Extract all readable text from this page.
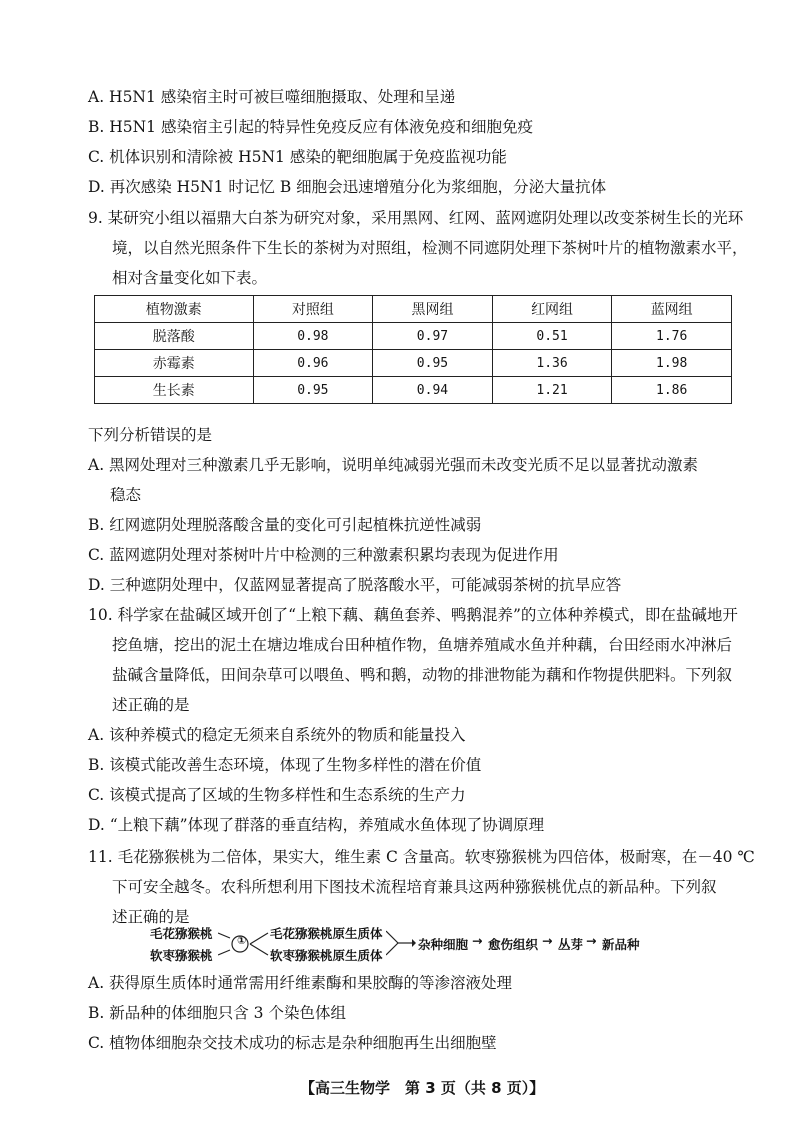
A. H5N1 感染宿主时可被巨噬细胞摄取、处理和呈递
B. H5N1 感染宿主引起的特异性免疫反应有体液免疫和细胞免疫
C. 机体识别和清除被 H5N1 感染的靶细胞属于免疫监视功能
D. 再次感染 H5N1 时记忆 B 细胞会迅速增殖分化为浆细胞，分泌大量抗体
9. 某研究小组以福鼎大白茶为研究对象，采用黑网、红网、蓝网遮阴处理以改变茶树生长的光环
境，以自然光照条件下生长的茶树为对照组，检测不同遮阴处理下茶树叶片的植物激素水平，
相对含量变化如下表。
植物激素	对照组	黑网组	红网组	蓝网组
脱落酸	0.98	0.97	0.51	1.76
赤霉素	0.96	0.95	1.36	1.98
生长素	0.95	0.94	1.21	1.86
下列分析错误的是
A. 黑网处理对三种激素几乎无影响，说明单纯减弱光强而未改变光质不足以显著扰动激素
稳态
B. 红网遮阴处理脱落酸含量的变化可引起植株抗逆性减弱
C. 蓝网遮阴处理对茶树叶片中检测的三种激素积累均表现为促进作用
D. 三种遮阴处理中，仅蓝网显著提高了脱落酸水平，可能减弱茶树的抗旱应答
10. 科学家在盐碱区域开创了“上粮下藕、藕鱼套养、鸭鹅混养”的立体种养模式，即在盐碱地开
挖鱼塘，挖出的泥土在塘边堆成台田种植作物，鱼塘养殖咸水鱼并种藕，台田经雨水冲淋后
盐碱含量降低，田间杂草可以喂鱼、鸭和鹅，动物的排泄物能为藕和作物提供肥料。下列叙
述正确的是
A. 该种养模式的稳定无须来自系统外的物质和能量投入
B. 该模式能改善生态环境，体现了生物多样性的潜在价值
C. 该模式提高了区域的生物多样性和生态系统的生产力
D. “上粮下藕”体现了群落的垂直结构，养殖咸水鱼体现了协调原理
11. 毛花猕猴桃为二倍体，果实大，维生素 C 含量高。软枣猕猴桃为四倍体，极耐寒，在－40 ℃
下可安全越冬。农科所想利用下图技术流程培育兼具这两种猕猴桃优点的新品种。下列叙
述正确的是
毛花猕猴桃
软枣猕猴桃
① 毛花猕猴桃原生质体
软枣猕猴桃原生质体
杂种细胞 → 愈伤组织 → 丛芽 → 新品种
A. 获得原生质体时通常需用纤维素酶和果胶酶的等渗溶液处理
B. 新品种的体细胞只含 3 个染色体组
C. 植物体细胞杂交技术成功的标志是杂种细胞再生出细胞壁
【高三生物学　第 3 页（共 8 页）】
